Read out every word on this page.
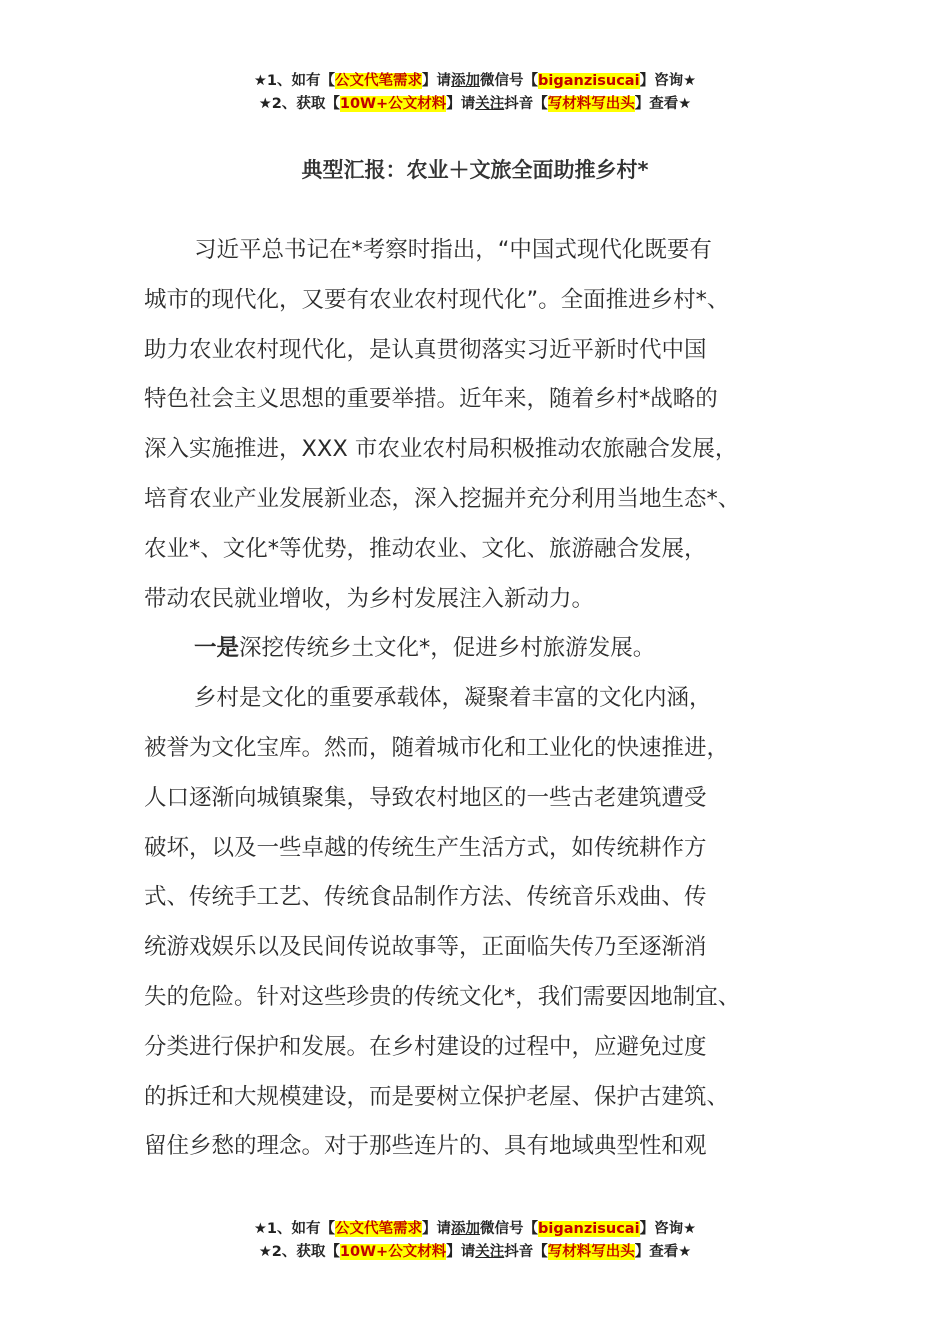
★1、如有【公文代笔需求】请添加微信号【biganzisucai】咨询★
★2、获取【10W+公文材料】请关注抖音【写材料写出头】查看★
典型汇报：农业＋文旅全面助推乡村*
习近平总书记在*考察时指出，“中国式现代化既要有
城市的现代化，又要有农业农村现代化”。全面推进乡村*、
助力农业农村现代化，是认真贯彻落实习近平新时代中国
特色社会主义思想的重要举措。近年来，随着乡村*战略的
深入实施推进，XXX 市农业农村局积极推动农旅融合发展，
培育农业产业发展新业态，深入挖掘并充分利用当地生态*、
农业*、文化*等优势，推动农业、文化、旅游融合发展，
带动农民就业增收，为乡村发展注入新动力。
一是深挖传统乡土文化*，促进乡村旅游发展。
乡村是文化的重要承载体，凝聚着丰富的文化内涵，
被誉为文化宝库。然而，随着城市化和工业化的快速推进，
人口逐渐向城镇聚集，导致农村地区的一些古老建筑遭受
破坏，以及一些卓越的传统生产生活方式，如传统耕作方
式、传统手工艺、传统食品制作方法、传统音乐戏曲、传
统游戏娱乐以及民间传说故事等，正面临失传乃至逐渐消
失的危险。针对这些珍贵的传统文化*，我们需要因地制宜、
分类进行保护和发展。在乡村建设的过程中，应避免过度
的拆迁和大规模建设，而是要树立保护老屋、保护古建筑、
留住乡愁的理念。对于那些连片的、具有地域典型性和观
★1、如有【公文代笔需求】请添加微信号【biganzisucai】咨询★
★2、获取【10W+公文材料】请关注抖音【写材料写出头】查看★
